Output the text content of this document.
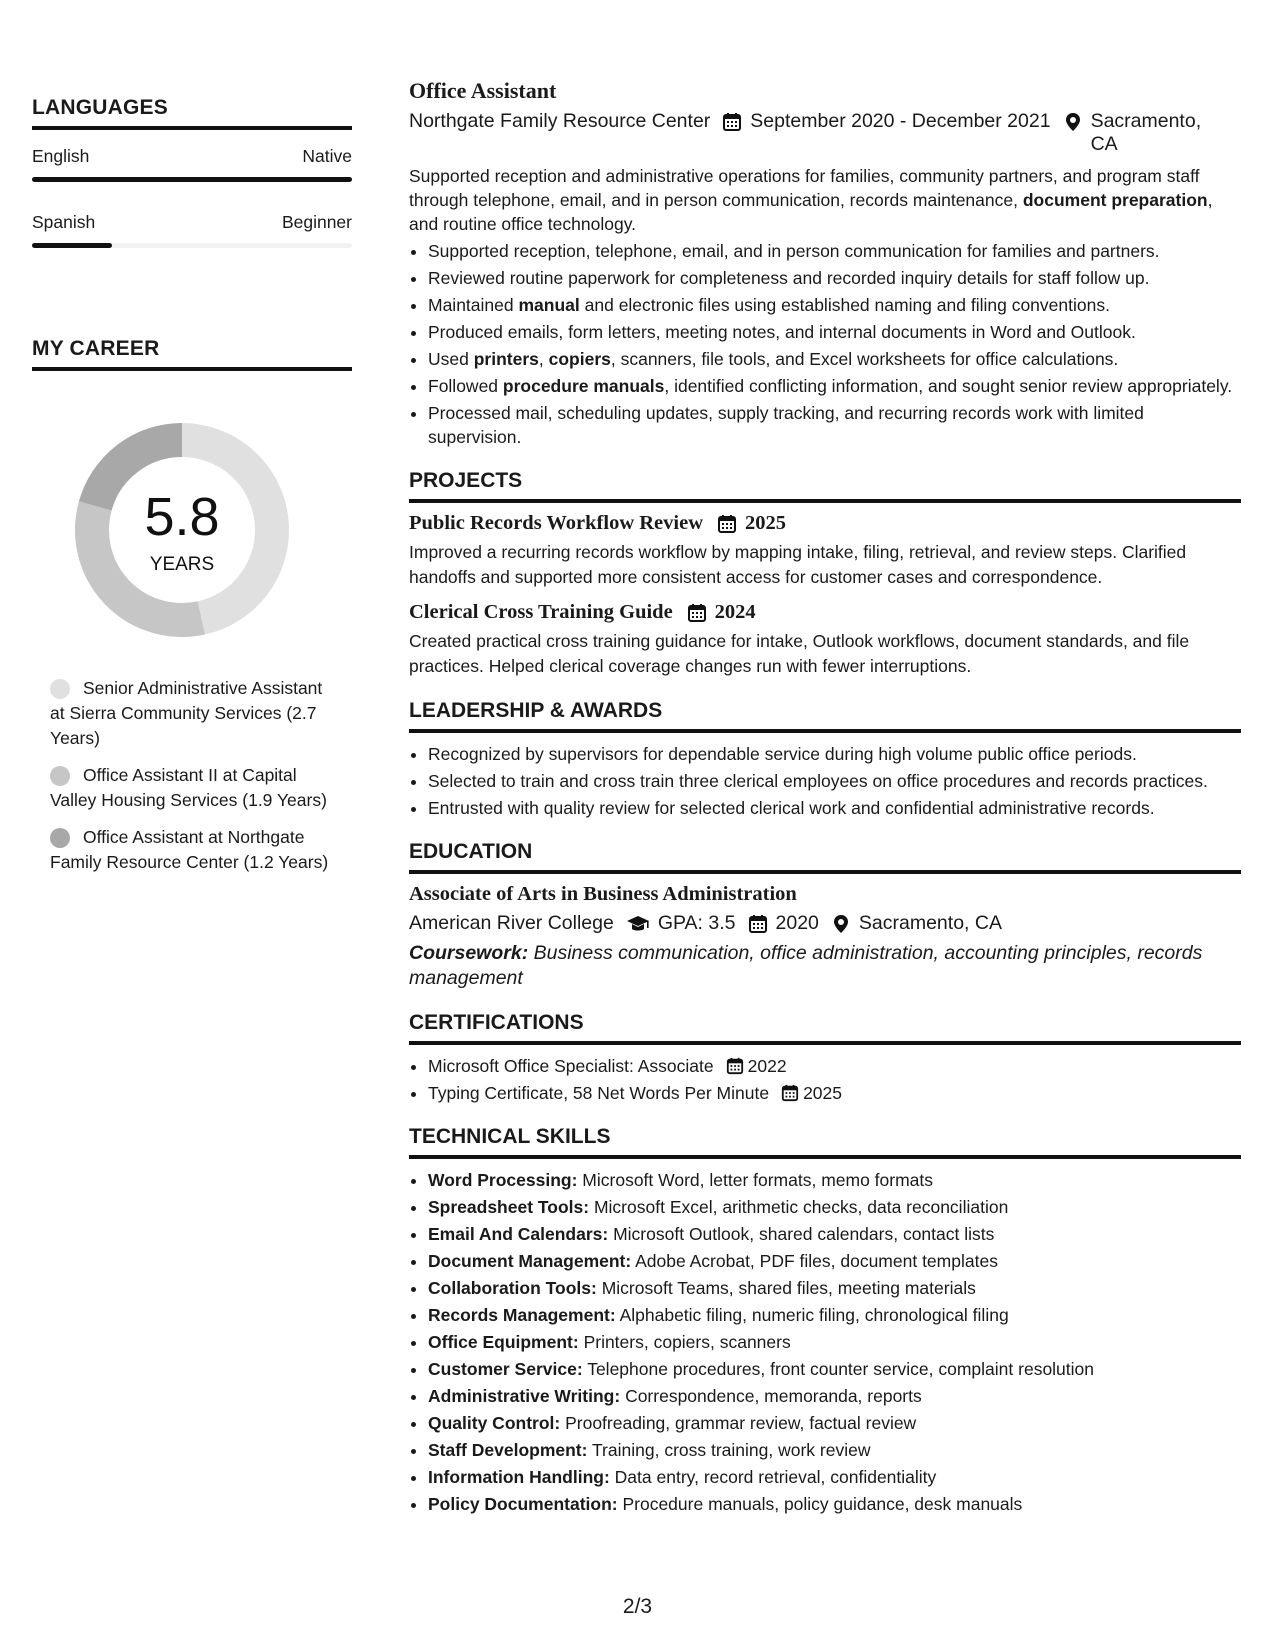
LANGUAGES
English	Native
Spanish	Beginner
MY CAREER
5.8
YEARS
Senior Administrative Assistant at Sierra Community Services (2.7 Years)
Office Assistant II at Capital Valley Housing Services (1.9 Years)
Office Assistant at Northgate Family Resource Center (1.2 Years)
Office Assistant
Northgate Family Resource Center September 2020 - December 2021 Sacramento, CA
Supported reception and administrative operations for families, community partners, and program staff through telephone, email, and in person communication, records maintenance, document preparation, and routine office technology.
• Supported reception, telephone, email, and in person communication for families and partners.
• Reviewed routine paperwork for completeness and recorded inquiry details for staff follow up.
• Maintained manual and electronic files using established naming and filing conventions.
• Produced emails, form letters, meeting notes, and internal documents in Word and Outlook.
• Used printers, copiers, scanners, file tools, and Excel worksheets for office calculations.
• Followed procedure manuals, identified conflicting information, and sought senior review appropriately.
• Processed mail, scheduling updates, supply tracking, and recurring records work with limited supervision.
PROJECTS
Public Records Workflow Review 2025
Improved a recurring records workflow by mapping intake, filing, retrieval, and review steps. Clarified handoffs and supported more consistent access for customer cases and correspondence.
Clerical Cross Training Guide 2024
Created practical cross training guidance for intake, Outlook workflows, document standards, and file practices. Helped clerical coverage changes run with fewer interruptions.
LEADERSHIP & AWARDS
• Recognized by supervisors for dependable service during high volume public office periods.
• Selected to train and cross train three clerical employees on office procedures and records practices.
• Entrusted with quality review for selected clerical work and confidential administrative records.
EDUCATION
Associate of Arts in Business Administration
American River College GPA: 3.5 2020 Sacramento, CA
Coursework: Business communication, office administration, accounting principles, records management
CERTIFICATIONS
• Microsoft Office Specialist: Associate 2022
• Typing Certificate, 58 Net Words Per Minute 2025
TECHNICAL SKILLS
• Word Processing: Microsoft Word, letter formats, memo formats
• Spreadsheet Tools: Microsoft Excel, arithmetic checks, data reconciliation
• Email And Calendars: Microsoft Outlook, shared calendars, contact lists
• Document Management: Adobe Acrobat, PDF files, document templates
• Collaboration Tools: Microsoft Teams, shared files, meeting materials
• Records Management: Alphabetic filing, numeric filing, chronological filing
• Office Equipment: Printers, copiers, scanners
• Customer Service: Telephone procedures, front counter service, complaint resolution
• Administrative Writing: Correspondence, memoranda, reports
• Quality Control: Proofreading, grammar review, factual review
• Staff Development: Training, cross training, work review
• Information Handling: Data entry, record retrieval, confidentiality
• Policy Documentation: Procedure manuals, policy guidance, desk manuals
2/3
